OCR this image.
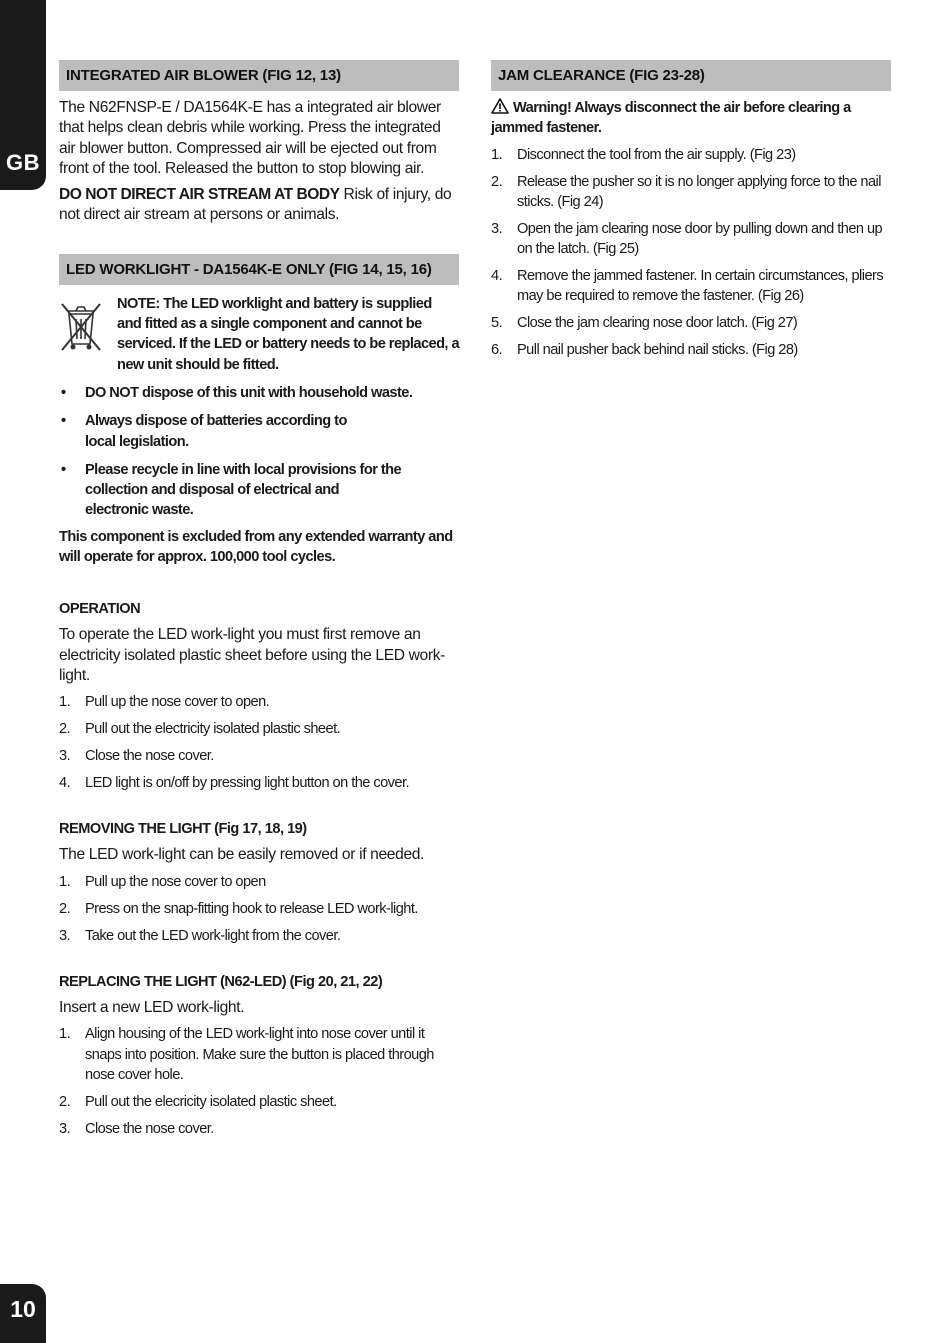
GB
10
INTEGRATED AIR BLOWER (FIG 12, 13)

The N62FNSP-E / DA1564K-E has a integrated air blower that helps clean debris while working. Press the integrated air blower button. Compressed air will be ejected out from front of the tool. Released the button to stop blowing air.

DO NOT DIRECT AIR STREAM AT BODY Risk of injury, do not direct air stream at persons or animals.

LED WORKLIGHT - DA1564K-E ONLY (FIG 14, 15, 16)

NOTE: The LED worklight and battery is supplied and fitted as a single component and cannot be serviced. If the LED or battery needs to be replaced, a new unit should be fitted.

• DO NOT dispose of this unit with household waste.
• Always dispose of batteries according to local legislation.
• Please recycle in line with local provisions for the collection and disposal of electrical and electronic waste.

This component is excluded from any extended warranty and will operate for approx. 100,000 tool cycles.

OPERATION

To operate the LED work-light you must first remove an electricity isolated plastic sheet before using the LED work-light.

1. Pull up the nose cover to open.
2. Pull out the electricity isolated plastic sheet.
3. Close the nose cover.
4. LED light is on/off by pressing light button on the cover.

REMOVING THE LIGHT (Fig 17, 18, 19)

The LED work-light can be easily removed or if needed.

1. Pull up the nose cover to open
2. Press on the snap-fitting hook to release LED work-light.
3. Take out the LED work-light from the cover.

REPLACING THE LIGHT (N62-LED) (Fig 20, 21, 22)

Insert a new LED work-light.

1. Align housing of the LED work-light into nose cover until it snaps into position. Make sure the button is placed through nose cover hole.
2. Pull out the elecricity isolated plastic sheet.
3. Close the nose cover.
JAM CLEARANCE (FIG 23-28)

Warning! Always disconnect the air before clearing a jammed fastener.

1. Disconnect the tool from the air supply. (Fig 23)
2. Release the pusher so it is no longer applying force to the nail sticks. (Fig 24)
3. Open the jam clearing nose door by pulling down and then up on the latch. (Fig 25)
4. Remove the jammed fastener. In certain circumstances, pliers may be required to remove the fastener. (Fig 26)
5. Close the jam clearing nose door latch. (Fig 27)
6. Pull nail pusher back behind nail sticks. (Fig 28)
